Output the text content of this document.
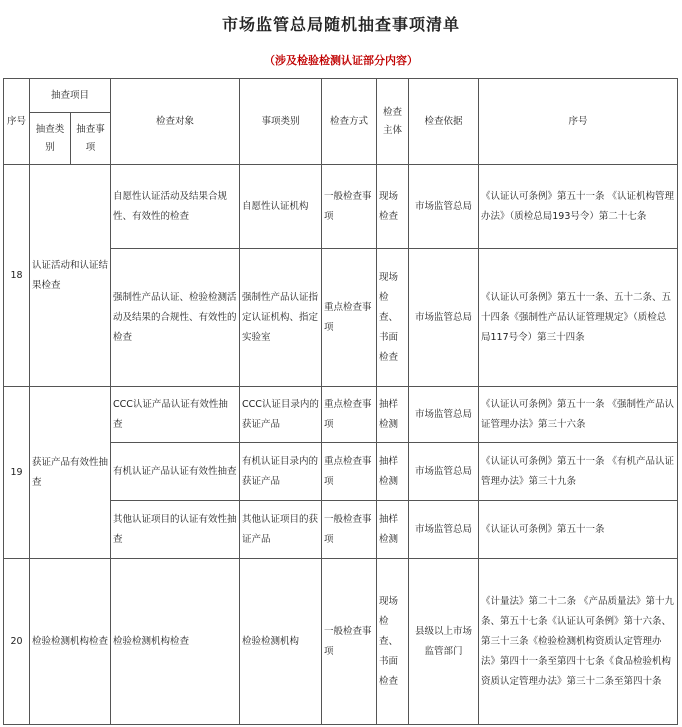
市场监管总局随机抽查事项清单
（涉及检验检测认证部分内容）
序号	抽查项目		检查对象	事项类别	检查方式	检查主体	检查依据	序号
	抽查类别	抽查事项						
18	认证活动和认证结果检查		自愿性认证活动及结果合规性、有效性的检查	自愿性认证机构	一般检查事项	现场检查	市场监管总局	《认证认可条例》第五十一条 《认证机构管理办法》（质检总局193号令）第二十七条
			强制性产品认证、检验检测活动及结果的合规性、有效性的检查	强制性产品认证指定认证机构、指定实验室	重点检查事项	现场检查、书面检查	市场监管总局	《认证认可条例》第五十一条、五十二条、五十四条《强制性产品认证管理规定》（质检总局117号令）第三十四条
19	获证产品有效性抽查		CCC认证产品认证有效性抽查	CCC认证目录内的获证产品	重点检查事项	抽样检测	市场监管总局	《认证认可条例》第五十一条 《强制性产品认证管理办法》第三十六条
			有机认证产品认证有效性抽查	有机认证目录内的获证产品	重点检查事项	抽样检测	市场监管总局	《认证认可条例》第五十一条 《有机产品认证管理办法》第三十九条
			其他认证项目的认证有效性抽查	其他认证项目的获证产品	一般检查事项	抽样检测	市场监管总局	《认证认可条例》第五十一条
20	检验检测机构检查		检验检测机构检查	检验检测机构	一般检查事项	现场检查、书面检查	县级以上市场监管部门	《计量法》第二十二条 《产品质量法》第十九条、第五十七条《认证认可条例》第十六条、第三十三条《检验检测机构资质认定管理办法》第四十一条至第四十七条《食品检验机构资质认定管理办法》第三十二条至第四十条
